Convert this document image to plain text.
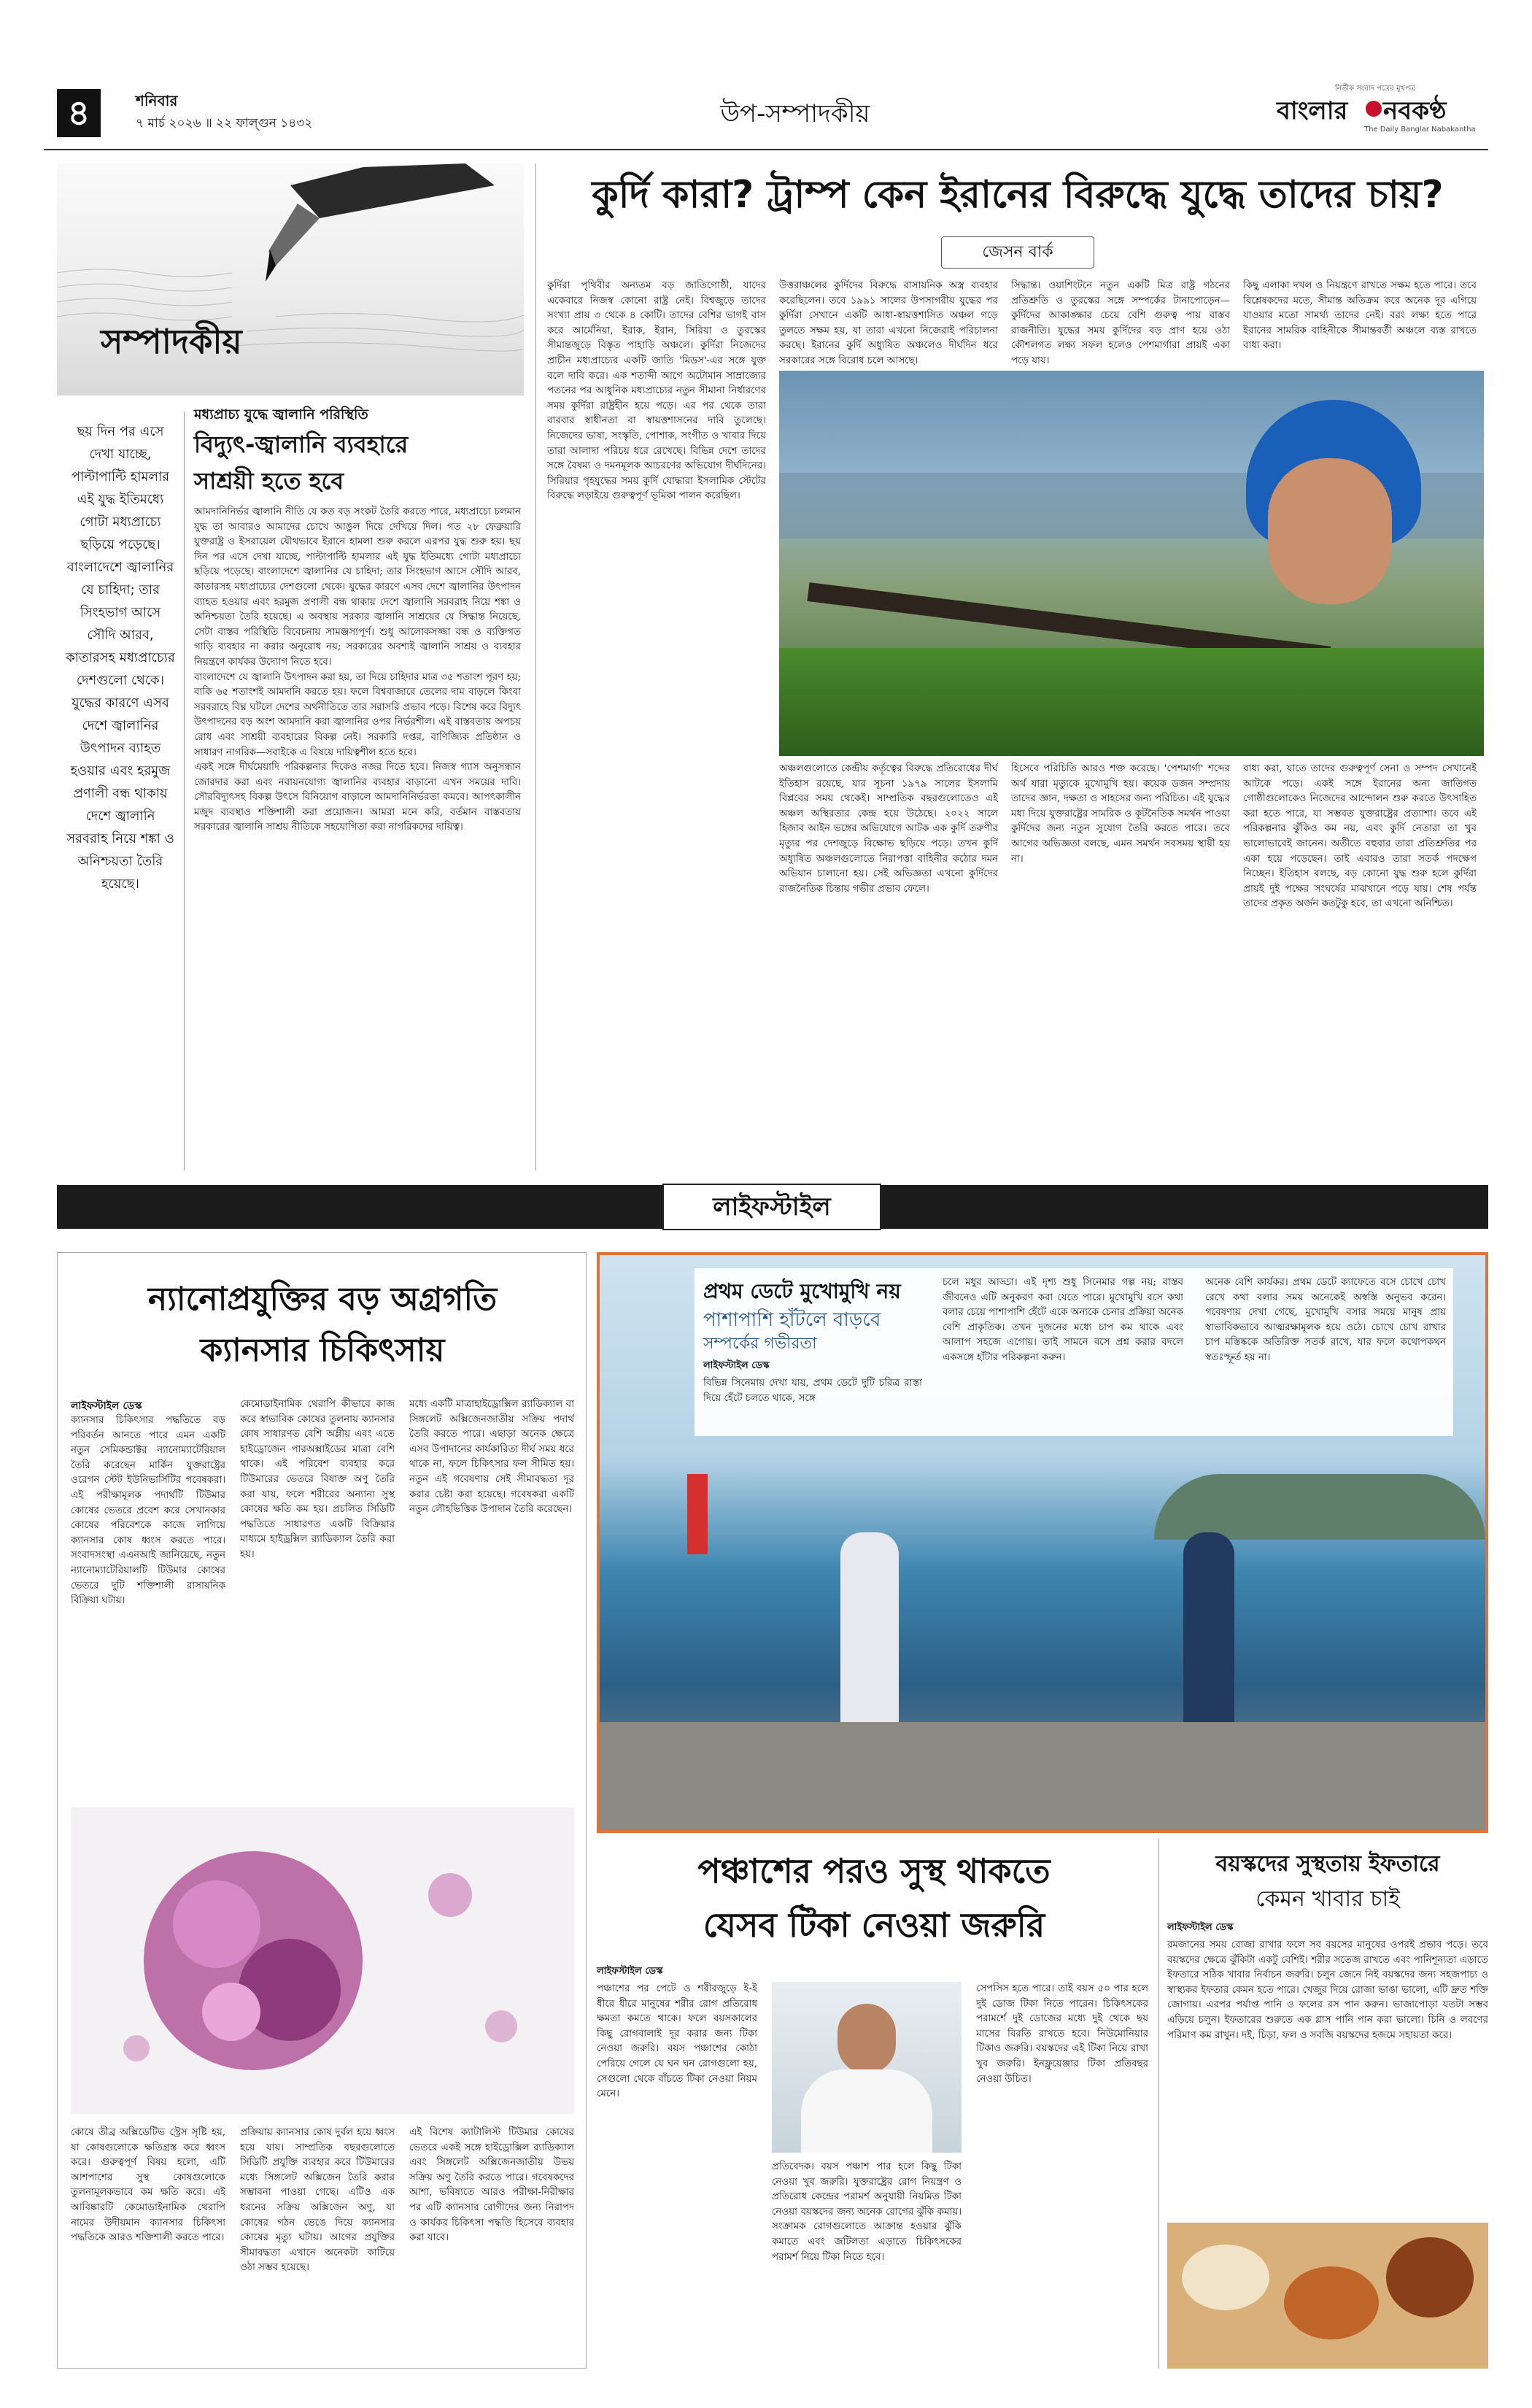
৪	শনিবার
৭ মার্চ ২০২৬ ॥ ২২ ফাল্গুন ১৪৩২	উপ-সম্পাদকীয়
নির্ভীক সংবাদ পত্রের মুখপত্র
বাংলার নবকণ্ঠ
The Daily Banglar Nabakantha
সম্পাদকীয়
ছয় দিন পর এসে দেখা যাচ্ছে, পাল্টাপাল্টি হামলার এই যুদ্ধ ইতিমধ্যে গোটা মধ্যপ্রাচ্যে ছড়িয়ে পড়েছে। বাংলাদেশে জ্বালানির যে চাহিদা; তার সিংহভাগ আসে সৌদি আরব, কাতারসহ মধ্যপ্রাচ্যের দেশগুলো থেকে। যুদ্ধের কারণে এসব দেশে জ্বালানির উৎপাদন ব্যাহত হওয়ার এবং হরমুজ প্রণালী বন্ধ থাকায় দেশে জ্বালানি সরবরাহ নিয়ে শঙ্কা ও অনিশ্চয়তা তৈরি হয়েছে।
মধ্যপ্রাচ্য যুদ্ধে জ্বালানি পরিস্থিতি
বিদ্যুৎ-জ্বালানি ব্যবহারে
সাশ্রয়ী হতে হবে

আমদানিনির্ভর জ্বালানি নীতি যে কত বড় সংকট তৈরি করতে পারে, মধ্যপ্রাচ্যে চলমান যুদ্ধ তা আবারও আমাদের চোখে আঙুল দিয়ে দেখিয়ে দিল। গত ২৮ ফেব্রুয়ারি যুক্তরাষ্ট্র ও ইসরায়েল যৌথভাবে ইরানে হামলা শুরু করলে এরপর যুদ্ধ শুরু হয়। ছয় দিন পর এসে দেখা যাচ্ছে, পাল্টাপাল্টি হামলার এই যুদ্ধ ইতিমধ্যে গোটা মধ্যপ্রাচ্যে ছড়িয়ে পড়েছে। বাংলাদেশে জ্বালানির যে চাহিদা; তার সিংহভাগ আসে সৌদি আরব, কাতারসহ মধ্যপ্রাচ্যের দেশগুলো থেকে। যুদ্ধের কারণে এসব দেশে জ্বালানির উৎপাদন ব্যাহত হওয়ার এবং হরমুজ প্রণালী বন্ধ থাকায় দেশে জ্বালানি সরবরাহ নিয়ে শঙ্কা ও অনিশ্চয়তা তৈরি হয়েছে। এ অবস্থায় সরকার জ্বালানি সাশ্রয়ের যে সিদ্ধান্ত নিয়েছে, সেটা বাস্তব পরিস্থিতি বিবেচনায় সামঞ্জস্যপূর্ণ। শুধু আলোকসজ্জা বন্ধ ও ব্যক্তিগত গাড়ি ব্যবহার না করার অনুরোধ নয়; সরকারের অবশ্যই জ্বালানি সাশ্রয় ও ব্যবহার নিয়ন্ত্রণে কার্যকর উদ্যোগ নিতে হবে।

বাংলাদেশে যে জ্বালানি উৎপাদন করা হয়, তা দিয়ে চাহিদার মাত্র ৩৫ শতাংশ পূরণ হয়; বাকি ৬৫ শতাংশই আমদানি করতে হয়। ফলে বিশ্ববাজারে তেলের দাম বাড়লে কিংবা সরবরাহে বিঘ্ন ঘটলে দেশের অর্থনীতিতে তার সরাসরি প্রভাব পড়ে। বিশেষ করে বিদ্যুৎ উৎপাদনের বড় অংশ আমদানি করা জ্বালানির ওপর নির্ভরশীল। এই বাস্তবতায় অপচয় রোধ এবং সাশ্রয়ী ব্যবহারের বিকল্প নেই। সরকারি দপ্তর, বাণিজ্যিক প্রতিষ্ঠান ও সাধারণ নাগরিক—সবাইকে এ বিষয়ে দায়িত্বশীল হতে হবে।

একই সঙ্গে দীর্ঘমেয়াদি পরিকল্পনার দিকেও নজর দিতে হবে। নিজস্ব গ্যাস অনুসন্ধান জোরদার করা এবং নবায়নযোগ্য জ্বালানির ব্যবহার বাড়ানো এখন সময়ের দাবি। সৌরবিদ্যুৎসহ বিকল্প উৎসে বিনিয়োগ বাড়ালে আমদানিনির্ভরতা কমবে। আপৎকালীন মজুদ ব্যবস্থাও শক্তিশালী করা প্রয়োজন। আমরা মনে করি, বর্তমান বাস্তবতায় সরকারের জ্বালানি সাশ্রয় নীতিকে সহযোগিতা করা নাগরিকদের দায়িত্ব।

কুর্দি কারা? ট্রাম্প কেন ইরানের বিরুদ্ধে যুদ্ধে তাদের চায়?
জেসন বার্ক
কুর্দিরা পৃথিবীর অন্যতম বড় জাতিগোষ্ঠী, যাদের একেবারে নিজস্ব কোনো রাষ্ট্র নেই। বিশ্বজুড়ে তাদের সংখ্যা প্রায় ৩ থেকে ৪ কোটি। তাদের বেশির ভাগই বাস করে আর্মেনিয়া, ইরাক, ইরান, সিরিয়া ও তুরস্কের সীমান্তজুড়ে বিস্তৃত পাহাড়ি অঞ্চলে। কুর্দিরা নিজেদের প্রাচীন মধ্যপ্রাচ্যের একটি জাতি 'মিডস'-এর সঙ্গে যুক্ত বলে দাবি করে। এক শতাব্দী আগে অটোমান সাম্রাজ্যের পতনের পর আধুনিক মধ্যপ্রাচ্যের নতুন সীমানা নির্ধারণের সময় কুর্দিরা রাষ্ট্রহীন হয়ে পড়ে। এর পর থেকে তারা বারবার স্বাধীনতা বা স্বায়ত্তশাসনের দাবি তুলেছে। নিজেদের ভাষা, সংস্কৃতি, পোশাক, সংগীত ও খাবার দিয়ে তারা আলাদা পরিচয় ধরে রেখেছে। বিভিন্ন দেশে তাদের সঙ্গে বৈষম্য ও দমনমূলক আচরণের অভিযোগ দীর্ঘদিনের। সিরিয়ার গৃহযুদ্ধের সময় কুর্দি যোদ্ধারা ইসলামিক স্টেটের বিরুদ্ধে লড়াইয়ে গুরুত্বপূর্ণ ভূমিকা পালন করেছিল।
উত্তরাঞ্চলের কুর্দিদের বিরুদ্ধে রাসায়নিক অস্ত্র ব্যবহার করেছিলেন। তবে ১৯৯১ সালের উপসাগরীয় যুদ্ধের পর কুর্দিরা সেখানে একটি আধা-স্বায়ত্তশাসিত অঞ্চল গড়ে তুলতে সক্ষম হয়, যা তারা এখনো নিজেরাই পরিচালনা করছে। ইরানের কুর্দি অধ্যুষিত অঞ্চলেও দীর্ঘদিন ধরে সরকারের সঙ্গে বিরোধ চলে আসছে।
সিদ্ধান্ত। ওয়াশিংটনে নতুন একটি মিত্র রাষ্ট্র গঠনের প্রতিশ্রুতি ও তুরস্কের সঙ্গে সম্পর্কের টানাপোড়েন—কুর্দিদের আকাঙ্ক্ষার চেয়ে বেশি গুরুত্ব পায় বাস্তব রাজনীতি। যুদ্ধের সময় কুর্দিদের বড় প্রাণ হয়ে ওঠা কৌশলগত লক্ষ্য সফল হলেও পেশমার্গারা প্রায়ই একা পড়ে যায়।
কিছু এলাকা দখল ও নিয়ন্ত্রণে রাখতে সক্ষম হতে পারে। তবে বিশ্লেষকদের মতে, সীমান্ত অতিক্রম করে অনেক দূর এগিয়ে যাওয়ার মতো সামর্থ্য তাদের নেই। বরং লক্ষ্য হতে পারে ইরানের সামরিক বাহিনীকে সীমান্তবর্তী অঞ্চলে ব্যস্ত রাখতে বাধ্য করা।
বাধ্য করা, যাতে তাদের গুরুত্বপূর্ণ সেনা ও সম্পদ সেখানেই আটকে পড়ে। একই সঙ্গে ইরানের অন্য জাতিগত গোষ্ঠীগুলোকেও নিজেদের আন্দোলন শুরু করতে উৎসাহিত করা হতে পারে, যা সম্ভবত যুক্তরাষ্ট্রের প্রত্যাশা। তবে এই পরিকল্পনার ঝুঁকিও কম নয়, এবং কুর্দি নেতারা তা খুব ভালোভাবেই জানেন। অতীতে বহুবার তারা প্রতিশ্রুতির পর একা হয়ে পড়েছেন। তাই এবারও তারা সতর্ক পদক্ষেপ নিচ্ছেন। ইতিহাস বলছে, বড় কোনো যুদ্ধ শুরু হলে কুর্দিরা প্রায়ই দুই পক্ষের সংঘর্ষের মাঝখানে পড়ে যায়। শেষ পর্যন্ত তাদের প্রকৃত অর্জন কতটুকু হবে, তা এখনো অনিশ্চিত।
অঞ্চলগুলোতে কেন্দ্রীয় কর্তৃত্বের বিরুদ্ধে প্রতিরোধের দীর্ঘ ইতিহাস রয়েছে, যার সূচনা ১৯৭৯ সালের ইসলামি বিপ্লবের সময় থেকেই। সাম্প্রতিক বছরগুলোতেও এই অঞ্চল অস্থিরতার কেন্দ্র হয়ে উঠেছে। ২০২২ সালে হিজাব আইন ভঙ্গের অভিযোগে আটক এক কুর্দি তরুণীর মৃত্যুর পর দেশজুড়ে বিক্ষোভ ছড়িয়ে পড়ে। তখন কুর্দি অধ্যুষিত অঞ্চলগুলোতে নিরাপত্তা বাহিনীর কঠোর দমন অভিযান চালানো হয়। সেই অভিজ্ঞতা এখনো কুর্দিদের রাজনৈতিক চিন্তায় গভীর প্রভাব ফেলে।
হিসেবে পরিচিতি আরও শক্ত করেছে। 'পেশমার্গা' শব্দের অর্থ যারা মৃত্যুকে মুখোমুখি হয়। কয়েক ডজন সম্প্রদায় তাদের জ্ঞান, দক্ষতা ও সাহসের জন্য পরিচিত। এই যুদ্ধের মধ্য দিয়ে যুক্তরাষ্ট্রের সামরিক ও কূটনৈতিক সমর্থন পাওয়া কুর্দিদের জন্য নতুন সুযোগ তৈরি করতে পারে। তবে আগের অভিজ্ঞতা বলছে, এমন সমর্থন সবসময় স্থায়ী হয় না।
লাইফস্টাইল
ন্যানোপ্রযুক্তির বড় অগ্রগতি
ক্যানসার চিকিৎসায়
লাইফস্টাইল ডেস্ক
ক্যানসার চিকিৎসার পদ্ধতিতে বড় পরিবর্তন আনতে পারে এমন একটি নতুন সেমিকন্ডাক্টর ন্যানোম্যাটেরিয়াল তৈরি করেছেন মার্কিন যুক্তরাষ্ট্রের ওরেগন স্টেট ইউনিভার্সিটির গবেষকরা। এই পরীক্ষামূলক পদার্থটি টিউমার কোষের ভেতরে প্রবেশ করে সেখানকার কোষের পরিবেশকে কাজে লাগিয়ে ক্যানসার কোষ ধ্বংস করতে পারে। সংবাদসংস্থা এএনআই জানিয়েছে, নতুন ন্যানোম্যাটেরিয়ালটি টিউমার কোষের ভেতরে দুটি শক্তিশালী রাসায়নিক বিক্রিয়া ঘটায়।
কেমোডাইনামিক থেরাপি কীভাবে কাজ করে স্বাভাবিক কোষের তুলনায় ক্যানসার কোষ সাধারণত বেশি অম্লীয় এবং এতে হাইড্রোজেন পারঅক্সাইডের মাত্রা বেশি থাকে। এই পরিবেশ ব্যবহার করে টিউমারের ভেতরে বিষাক্ত অণু তৈরি করা যায়, ফলে শরীরের অন্যান্য সুস্থ কোষের ক্ষতি কম হয়। প্রচলিত সিডিটি পদ্ধতিতে সাধারণত একটি বিক্রিয়ার মাধ্যমে হাইড্রক্সিল র‍্যাডিক্যাল তৈরি করা হয়।
মধ্যে একটি মাত্রাহাইড্রোক্সিল র‍্যাডিক্যাল বা সিঙ্গলেট অক্সিজেনজাতীয় সক্রিয় পদার্থ তৈরি করতে পারে। এছাড়া অনেক ক্ষেত্রে এসব উপাদানের কার্যকারিতা দীর্ঘ সময় ধরে থাকে না, ফলে চিকিৎসার ফল সীমিত হয়। নতুন এই গবেষণায় সেই সীমাবদ্ধতা দূর করার চেষ্টা করা হয়েছে। গবেষকরা একটি নতুন লৌহভিত্তিক উপাদান তৈরি করেছেন।
কোষে তীব্র অক্সিডেটিভ স্ট্রেস সৃষ্টি হয়, যা কোষগুলোকে ক্ষতিগ্রস্ত করে ধ্বংস করে। গুরুত্বপূর্ণ বিষয় হলো, এটি আশপাশের সুস্থ কোষগুলোকে তুলনামূলকভাবে কম ক্ষতি করে। এই আবিষ্কারটি কেমোডাইনামিক থেরাপি নামের উদীয়মান ক্যানসার চিকিৎসা পদ্ধতিকে আরও শক্তিশালী করতে পারে।
প্রক্রিয়ায় ক্যানসার কোষ দুর্বল হয়ে ধ্বংস হয়ে যায়। সাম্প্রতিক বছরগুলোতে সিডিটি প্রযুক্তি ব্যবহার করে টিউমারের মধ্যে সিঙ্গলেট অক্সিজেন তৈরি করার সম্ভাবনা পাওয়া গেছে। এটিও এক ধরনের সক্রিয় অক্সিজেন অণু, যা কোষের গঠন ভেঙে দিয়ে ক্যানসার কোষের মৃত্যু ঘটায়। আগের প্রযুক্তির সীমাবদ্ধতা এখানে অনেকটা কাটিয়ে ওঠা সম্ভব হয়েছে।
এই বিশেষ ক্যাটালিস্ট টিউমার কোষের ভেতরে একই সঙ্গে হাইড্রোক্সিল র‍্যাডিক্যাল এবং সিঙ্গলেট অক্সিজেনজাতীয় উভয় সক্রিয় অণু তৈরি করতে পারে। গবেষকদের আশা, ভবিষ্যতে আরও পরীক্ষা-নিরীক্ষার পর এটি ক্যানসার রোগীদের জন্য নিরাপদ ও কার্যকর চিকিৎসা পদ্ধতি হিসেবে ব্যবহার করা যাবে।
প্রথম ডেটে মুখোমুখি নয়
পাশাপাশি হাঁটলে বাড়বে
সম্পর্কের গভীরতা
লাইফস্টাইল ডেস্ক
বিভিন্ন সিনেমায় দেখা যায়, প্রথম ডেটে দুটি চরিত্র রাস্তা দিয়ে হেঁটে চলতে থাকে, সঙ্গে
চলে মধুর আড্ডা। এই দৃশ্য শুধু সিনেমার গল্প নয়; বাস্তব জীবনেও এটি অনুকরণ করা যেতে পারে। মুখোমুখি বসে কথা বলার চেয়ে পাশাপাশি হেঁটে একে অন্যকে চেনার প্রক্রিয়া অনেক বেশি প্রাকৃতিক। তখন দুজনের মধ্যে চাপ কম থাকে এবং আলাপ সহজে এগোয়। তাই সামনে বসে প্রশ্ন করার বদলে একসঙ্গে হাঁটার পরিকল্পনা করুন।
অনেক বেশি কার্যকর। প্রথম ডেটে ক্যাফেতে বসে চোখে চোখ রেখে কথা বলার সময় অনেকেই অস্বস্তি অনুভব করেন। গবেষণায় দেখা গেছে, মুখোমুখি বসার সময়ে মানুষ প্রায় স্বাভাবিকভাবে আত্মরক্ষামূলক হয়ে ওঠে। চোখে চোখ রাখার চাপ মস্তিষ্ককে অতিরিক্ত সতর্ক রাখে, যার ফলে কথোপকথন স্বতঃস্ফূর্ত হয় না।
পঞ্চাশের পরও সুস্থ থাকতে
যেসব টিকা নেওয়া জরুরি
লাইফস্টাইল ডেস্ক
পঞ্চাশের পর পেটে ও শরীরজুড়ে ই-ই ধীরে ধীরে মানুষের শরীর রোগ প্রতিরোধ ক্ষমতা কমতে থাকে। ফলে বয়সকালের কিছু রোগবালাই দূর করার জন্য টিকা নেওয়া জরুরি। বয়স পঞ্চাশের কোঠা পেরিয়ে গেলে যে ঘন ঘন রোগগুলো হয়, সেগুলো থেকে বাঁচতে টিকা নেওয়া নিয়ম মেনে।
প্রতিবেদক। বয়স পঞ্চাশ পার হলে কিছু টিকা নেওয়া খুব জরুরি। যুক্তরাষ্ট্রের রোগ নিয়ন্ত্রণ ও প্রতিরোধ কেন্দ্রের পরামর্শ অনুযায়ী নিয়মিত টিকা নেওয়া বয়স্কদের জন্য অনেক রোগের ঝুঁকি কমায়। সংক্রামক রোগগুলোতে আক্রান্ত হওয়ার ঝুঁকি কমাতে এবং জটিলতা এড়াতে চিকিৎসকের পরামর্শ নিয়ে টিকা নিতে হবে।
সেপসিস হতে পারে। তাই বয়স ৫০ পার হলে দুই ডোজ টিকা নিতে পারেন। চিকিৎসকের পরামর্শে দুই ডোজের মধ্যে দুই থেকে ছয় মাসের বিরতি রাখতে হবে। নিউমোনিয়ার টিকাও জরুরি। বয়স্কদের এই টিকা নিয়ে রাখা খুব জরুরি। ইনফ্লুয়েঞ্জার টিকা প্রতিবছর নেওয়া উচিত।
বয়স্কদের সুস্থতায় ইফতারে
কেমন খাবার চাই
লাইফস্টাইল ডেস্ক
রমজানের সময় রোজা রাখার ফলে সব বয়সের মানুষের ওপরই প্রভাব পড়ে। তবে বয়স্কদের ক্ষেত্রে ঝুঁকিটা একটু বেশিই। শরীর সতেজ রাখতে এবং পানিশূন্যতা এড়াতে ইফতারে সঠিক খাবার নির্বাচন জরুরি। চলুন জেনে নিই বয়স্কদের জন্য সহজপাচ্য ও স্বাস্থ্যকর ইফতার কেমন হতে পারে। খেজুর দিয়ে রোজা ভাঙা ভালো, এটি দ্রুত শক্তি জোগায়। এরপর পর্যাপ্ত পানি ও ফলের রস পান করুন। ভাজাপোড়া যতটা সম্ভব এড়িয়ে চলুন। ইফতারের শুরুতে এক গ্লাস পানি পান করা ভালো। চিনি ও লবণের পরিমাণ কম রাখুন। দই, চিড়া, ফল ও সবজি বয়স্কদের হজমে সহায়তা করে।
